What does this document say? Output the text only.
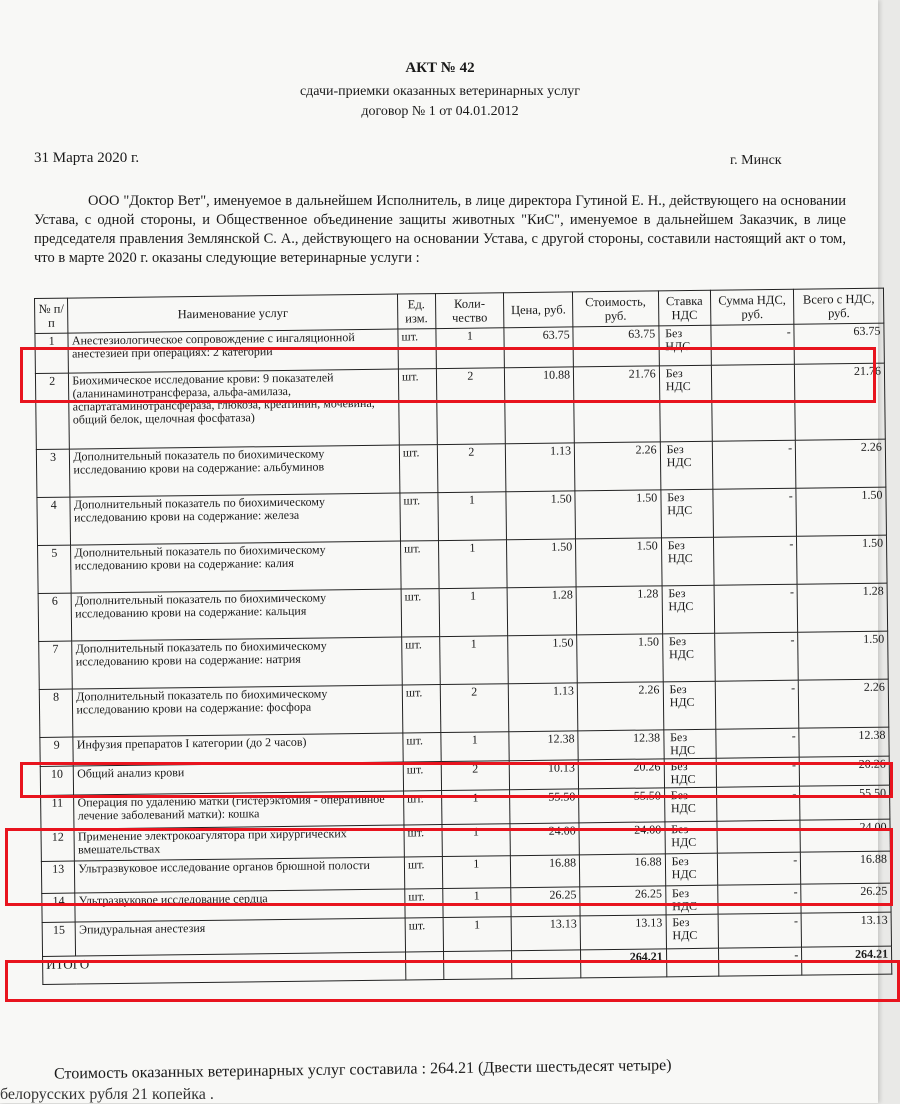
АКТ № 42
сдачи-приемки оказанных ветеринарных услуг
договор № 1 от 04.01.2012
31 Марта 2020 г.	г. Минск

ООО "Доктор Вет", именуемое в дальнейшем Исполнитель, в лице директора Гутиной Е. Н., действующего на основании Устава, с одной стороны, и Общественное объединение защиты животных "КиС", именуемое в дальнейшем Заказчик, в лице председателя правления Землянской С. А., действующего на основании Устава, с другой стороны, составили настоящий акт о том, что в марте 2020 г. оказаны следующие ветеринарные услуги :

№ п/п	Наименование услуг	Ед. изм.	Коли-чество	Цена, руб.	Стоимость, руб.	Ставка НДС	Сумма НДС, руб.	Всего с НДС, руб.
1	Анестезиологическое сопровождение с ингаляционной анестезией при операциях: 2 категории	шт.	1	63.75	63.75	Без НДС	-	63.75
2	Биохимическое исследование крови: 9 показателей (аланинаминотрансфераза, альфа-амилаза, аспартатаминотрансфераза, глюкоза, креатинин, мочевина, общий белок, щелочная фосфатаза)	шт.	2	10.88	21.76	Без НДС		21.76
3	Дополнительный показатель по биохимическому исследованию крови на содержание: альбуминов	шт.	2	1.13	2.26	Без НДС	-	2.26
4	Дополнительный показатель по биохимическому исследованию крови на содержание: железа	шт.	1	1.50	1.50	Без НДС	-	1.50
5	Дополнительный показатель по биохимическому исследованию крови на содержание: калия	шт.	1	1.50	1.50	Без НДС	-	1.50
6	Дополнительный показатель по биохимическому исследованию крови на содержание: кальция	шт.	1	1.28	1.28	Без НДС	-	1.28
7	Дополнительный показатель по биохимическому исследованию крови на содержание: натрия	шт.	1	1.50	1.50	Без НДС	-	1.50
8	Дополнительный показатель по биохимическому исследованию крови на содержание: фосфора	шт.	2	1.13	2.26	Без НДС	-	2.26
9	Инфузия препаратов I категории (до 2 часов)	шт.	1	12.38	12.38	Без НДС	-	12.38
10	Общий анализ крови	шт.	2	10.13	20.26	Без НДС	-	20.26
11	Операция по удалению матки (гистерэктомия - оперативное лечение заболеваний матки): кошка	шт.	1	55.50	55.50	Без НДС	-	55.50
12	Применение электрокоагулятора при хирургических вмешательствах	шт.	1	24.00	24.00	Без НДС	-	24.00
13	Ультразвуковое исследование органов брюшной полости	шт.	1	16.88	16.88	Без НДС	-	16.88
14	Ультразвуковое исследование сердца	шт.	1	26.25	26.25	Без НДС	-	26.25
15	Эпидуральная анестезия	шт.	1	13.13	13.13	Без НДС	-	13.13
ИТОГО					264.21		-	264.21
Стоимость оказанных ветеринарных услуг составила : 264.21 (Двести шестьдесят четыре)
белорусских рубля 21 копейка .
